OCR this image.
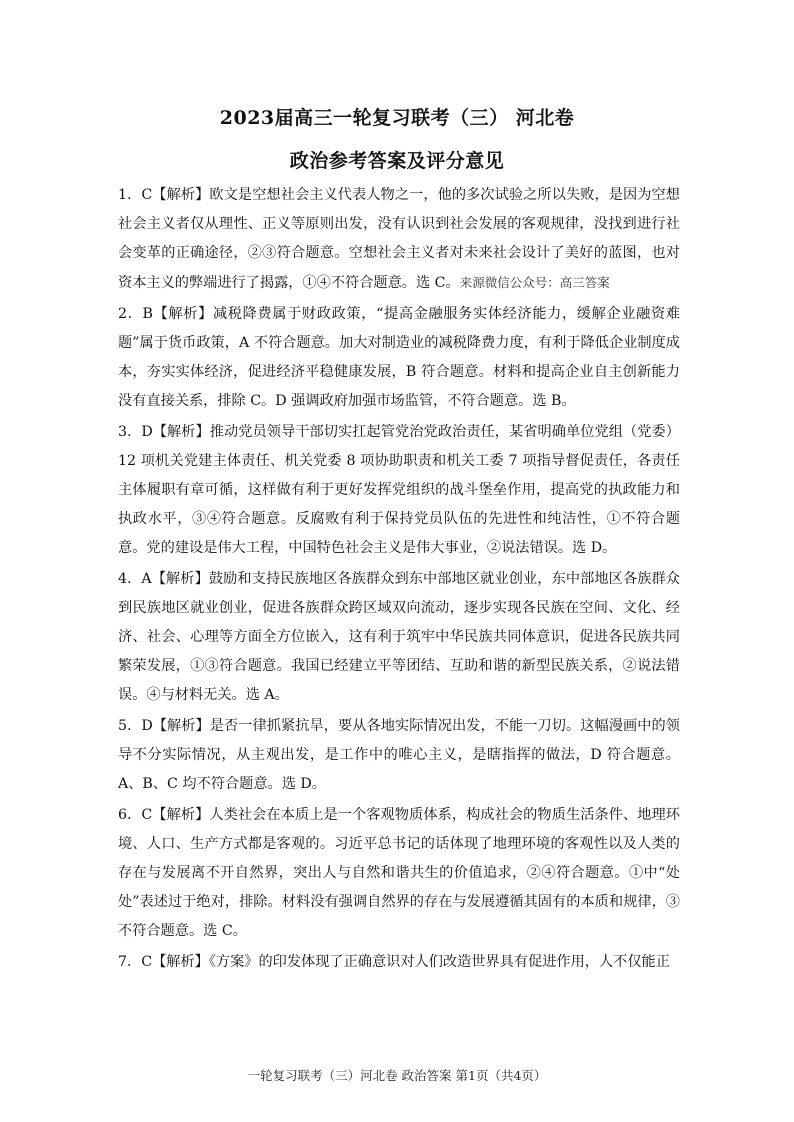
2023届高三一轮复习联考（三） 河北卷
政治参考答案及评分意见

1．C【解析】欧文是空想社会主义代表人物之一，他的多次试验之所以失败，是因为空想社会主义者仅从理性、正义等原则出发，没有认识到社会发展的客观规律，没找到进行社会变革的正确途径，②③符合题意。空想社会主义者对未来社会设计了美好的蓝图，也对资本主义的弊端进行了揭露，①④不符合题意。选 C。来源微信公众号：高三答案

2．B【解析】减税降费属于财政政策，“提高金融服务实体经济能力，缓解企业融资难题”属于货币政策，A 不符合题意。加大对制造业的减税降费力度，有利于降低企业制度成本，夯实实体经济，促进经济平稳健康发展，B 符合题意。材料和提高企业自主创新能力没有直接关系，排除 C。D 强调政府加强市场监管，不符合题意。选 B。

3．D【解析】推动党员领导干部切实扛起管党治党政治责任，某省明确单位党组（党委）12 项机关党建主体责任、机关党委 8 项协助职责和机关工委 7 项指导督促责任，各责任主体履职有章可循，这样做有利于更好发挥党组织的战斗堡垒作用，提高党的执政能力和执政水平，③④符合题意。反腐败有利于保持党员队伍的先进性和纯洁性，①不符合题意。党的建设是伟大工程，中国特色社会主义是伟大事业，②说法错误。选 D。

4．A【解析】鼓励和支持民族地区各族群众到东中部地区就业创业，东中部地区各族群众到民族地区就业创业，促进各族群众跨区域双向流动，逐步实现各民族在空间、文化、经济、社会、心理等方面全方位嵌入，这有利于筑牢中华民族共同体意识，促进各民族共同繁荣发展，①③符合题意。我国已经建立平等团结、互助和谐的新型民族关系，②说法错误。④与材料无关。选 A。

5．D【解析】是否一律抓紧抗旱，要从各地实际情况出发，不能一刀切。这幅漫画中的领导不分实际情况，从主观出发，是工作中的唯心主义，是瞎指挥的做法，D 符合题意。A、B、C 均不符合题意。选 D。

6．C【解析】人类社会在本质上是一个客观物质体系，构成社会的物质生活条件、地理环境、人口、生产方式都是客观的。习近平总书记的话体现了地理环境的客观性以及人类的存在与发展离不开自然界，突出人与自然和谐共生的价值追求，②④符合题意。①中“处处”表述过于绝对，排除。材料没有强调自然界的存在与发展遵循其固有的本质和规律，③不符合题意。选 C。

7．C【解析】《方案》的印发体现了正确意识对人们改造世界具有促进作用，人不仅能正

一轮复习联考（三）河北卷 政治答案 第1页（共4页）
